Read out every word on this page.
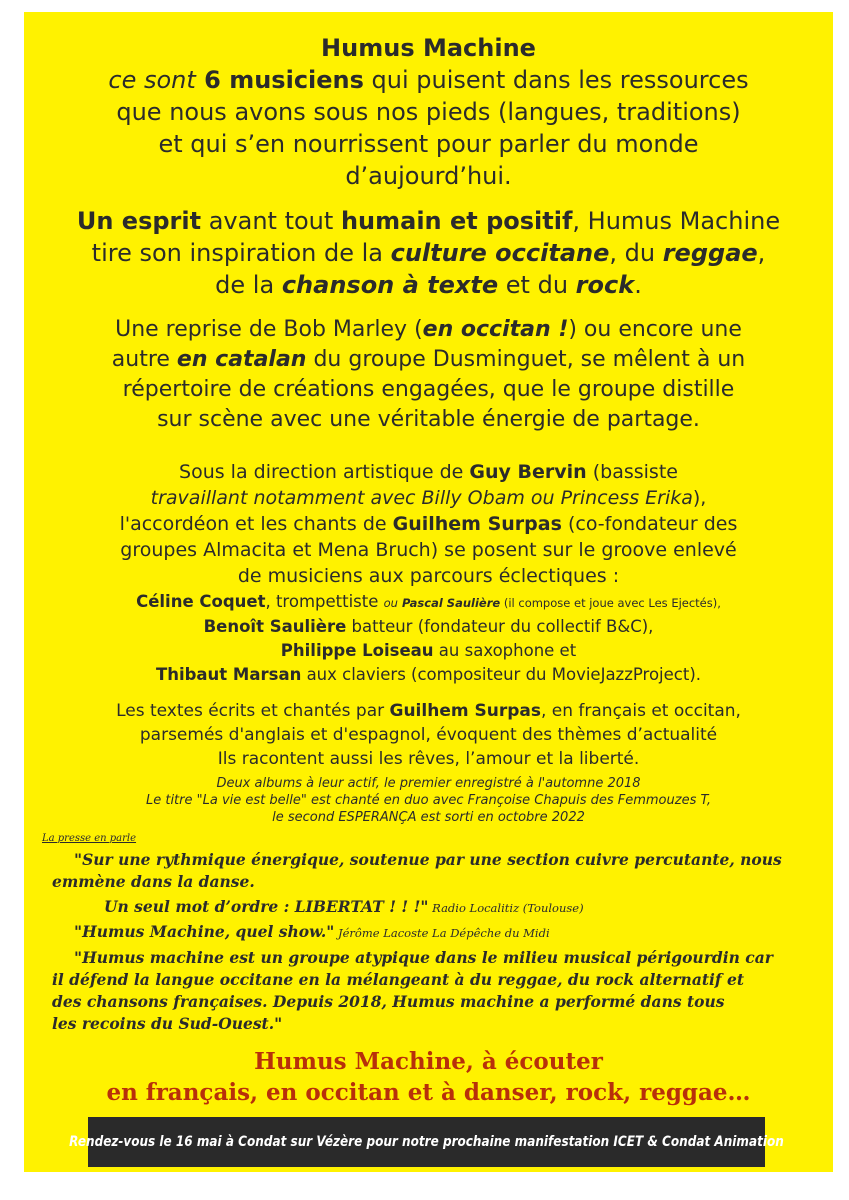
Humus Machine
ce sont 6 musiciens qui puisent dans les ressources
que nous avons sous nos pieds (langues, traditions)
et qui s’en nourrissent pour parler du monde
d’aujourd’hui.
Un esprit avant tout humain et positif, Humus Machine
tire son inspiration de la culture occitane, du reggae,
de la chanson à texte et du rock.
Une reprise de Bob Marley (en occitan !) ou encore une
autre en catalan du groupe Dusminguet, se mêlent à un
répertoire de créations engagées, que le groupe distille
sur scène avec une véritable énergie de partage.
Sous la direction artistique de Guy Bervin (bassiste
travaillant notamment avec Billy Obam ou Princess Erika),
l'accordéon et les chants de Guilhem Surpas (co-fondateur des
groupes Almacita et Mena Bruch) se posent sur le groove enlevé
de musiciens aux parcours éclectiques :
Céline Coquet, trompettiste ou Pascal Saulière (il compose et joue avec Les Ejectés),
Benoît Saulière batteur (fondateur du collectif B&C),
Philippe Loiseau au saxophone et
Thibaut Marsan aux claviers (compositeur du MovieJazzProject).
Les textes écrits et chantés par Guilhem Surpas, en français et occitan,
parsemés d'anglais et d'espagnol, évoquent des thèmes d’actualité
Ils racontent aussi les rêves, l’amour et la liberté.
Deux albums à leur actif, le premier enregistré à l'automne 2018
Le titre "La vie est belle" est chanté en duo avec Françoise Chapuis des Femmouzes T,
le second ESPERANÇA est sorti en octobre 2022
La presse en parle
"Sur une rythmique énergique, soutenue par une section cuivre percutante, nous
emmène dans la danse.
Un seul mot d’ordre : LIBERTAT ! ! !" Radio Localitiz (Toulouse)
"Humus Machine, quel show." Jérôme Lacoste La Dépêche du Midi
"Humus machine est un groupe atypique dans le milieu musical périgourdin car
il défend la langue occitane en la mélangeant à du reggae, du rock alternatif et
des chansons françaises. Depuis 2018, Humus machine a performé dans tous
les recoins du Sud-Ouest."
Humus Machine, à écouter
en français, en occitan et à danser, rock, reggae…
Rendez-vous le 16 mai à Condat sur Vézère pour notre prochaine manifestation ICET & Condat Animation
